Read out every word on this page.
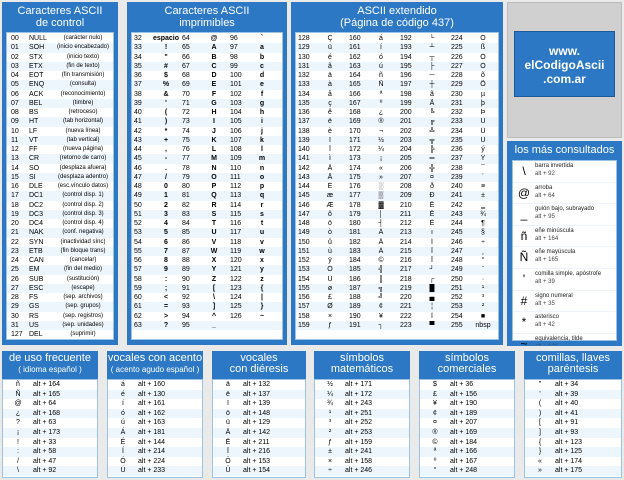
Caracteres ASCII
de control
00	NULL	(carácter nulo)
01	SOH	(inicio encabezado)
02	STX	(inicio texto)
03	ETX	(fin de texto)
04	EOT	(fin transmisión)
05	ENQ	(consulta)
06	ACK	(reconocimiento)
07	BEL	(timbre)
08	BS	(retroceso)
09	HT	(tab horizontal)
10	LF	(nueva línea)
11	VT	(tab vertical)
12	FF	(nueva página)
13	CR	(retorno de carro)
14	SO	(desplaza afuera)
15	SI	(desplaza adentro)
16	DLE	(esc.vínculo datos)
17	DC1	(control disp. 1)
18	DC2	(control disp. 2)
19	DC3	(control disp. 3)
20	DC4	(control disp. 4)
21	NAK	(conf. negativa)
22	SYN	(inactividad sínc)
23	ETB	(fin bloque trans)
24	CAN	(cancelar)
25	EM	(fin del medio)
26	SUB	(sustitución)
27	ESC	(escape)
28	FS	(sep. archivos)
29	GS	(sep. grupos)
30	RS	(sep. registros)
31	US	(sep. unidades)
127 DEL	(suprimir)
Caracteres ASCII
imprimibles
32	espacio 64	@	96	`
33	!	65	A	97	a
34	"	66	B	98	b
35	#	67	C	99	c
36	$	68	D	100	d
37	%	69	E	101	e
38	&	70	F	102	f
39	'	71	G	103	g
40	(	72	H	104	h
41	)	73	I	105	i
42	*	74	J	106	j
43	+	75	K	107	k
44	,	76	L	108	l
45	-	77	M	109	m
46	.	78	N	110	n
47	/	79	O	111	o
48	0	80	P	112	p
49	1	81	Q	113	q
50	2	82	R	114	r
51	3	83	S	115	s
52	4	84	T	116	t
53	5	85	U	117	u
54	6	86	V	118	v
55	7	87	W	119	w
56	8	88	X	120	x
57	9	89	Y	121	y
58	:	90	Z	122	z
59	;	91	[	123	{
60	<	92	\	124	|
61	=	93	]	125	}
62	>	94	^	126	~
63	?	95	_
ASCII extendido
(Página de código 437)
128	Ç	160	á	192	└	224	Ó
129	ü	161	í	193	┴	225	ß
130	é	162	ó	194	┬	226	Ô
131	â	163	ú	195	├	227	Ò
132	ä	164	ñ	196	─	228	õ
133	à	165	Ñ	197	┼	229	Õ
134	å	166	ª	198	ã	230	µ
135	ç	167	º	199	Ã	231	þ
136	ê	168	¿	200	╚	232	Þ
137	ë	169	®	201	╔	233	Ú
138	è	170	¬	202	╩	234	Û
139	ï	171	½	203	╦	235	Ù
140	î	172	¼	204	╠	236	ý
141	ì	173	¡	205	═	237	Ý
142	Ä	174	«	206	╬	238	¯
143	Å	175	»	207	¤	239	´
144	É	176	░	208	ð	240	≡
145	æ	177	▒	209	Ð	241	±
146	Æ	178	▓	210	Ê	242	‗
147	ô	179	│	211	Ë	243	¾
148	ö	180	┤	212	È	244	¶
149	ò	181	Á	213	ı	245	§
150	û	182	Â	214	Í	246	÷
151	ù	183	À	215	Î	247	¸
152	ÿ	184	©	216	Ï	248	°
153	Ö	185	╣	217	┘	249	¨
154	Ü	186	║	218	┌	250	·
155	ø	187	╗	219	█	251	¹
156	£	188	╝	220	▄	252	³
157	Ø	189	¢	221	¦	253	²
158	×	190	¥	222	Ì	254	■
159	ƒ	191	┐	223	▀	255	nbsp
www.
elCodigoAscii
.com.ar
los más consultados
\	barra invertida
alt + 92
@ arroba
alt + 64
_	guión bajo, subrayado
alt + 95
ñ	eñe minúscula
alt + 164
Ñ	eñe mayúscula
alt + 165
'	comilla simple, apóstrofe
alt + 39
#	signo numeral
alt + 35
*	asterisco
alt + 42
~	equivalencia, tilde
de uso frecuente
( idioma español )
ñ	alt + 164
Ñ	alt + 165
@	alt + 64
¿	alt + 168
?	alt + 63
¡	alt + 173
!	alt + 33
:	alt + 58
/	alt + 47
\	alt + 92
vocales con acento
( acento agudo español )
á	alt + 160
é	alt + 130
í	alt + 161
ó	alt + 162
ú	alt + 163
Á	alt + 181
É	alt + 144
Í	alt + 214
Ó	alt + 224
Ú	alt + 233
vocales
con diéresis
ä	alt + 132
ë	alt + 137
ï	alt + 139
ö	alt + 148
ü	alt + 129
Ä	alt + 142
Ë	alt + 211
Ï	alt + 216
Ö	alt + 153
Ü	alt + 154
símbolos
matemáticos
½	alt + 171
¼	alt + 172
¾	alt + 243
¹	alt + 251
³	alt + 252
²	alt + 253
ƒ	alt + 159
±	alt + 241
×	alt + 158
÷	alt + 246
símbolos
comerciales
$	alt + 36
£	alt + 156
¥	alt + 190
¢	alt + 189
¤	alt + 207
®	alt + 169
©	alt + 184
ª	alt + 166
º	alt + 167
°	alt + 248
comillas, llaves
paréntesis
"	alt + 34
'	alt + 39
(	alt + 40
)	alt + 41
[	alt + 91
]	alt + 93
{	alt + 123
}	alt + 125
«	alt + 174
»	alt + 175
